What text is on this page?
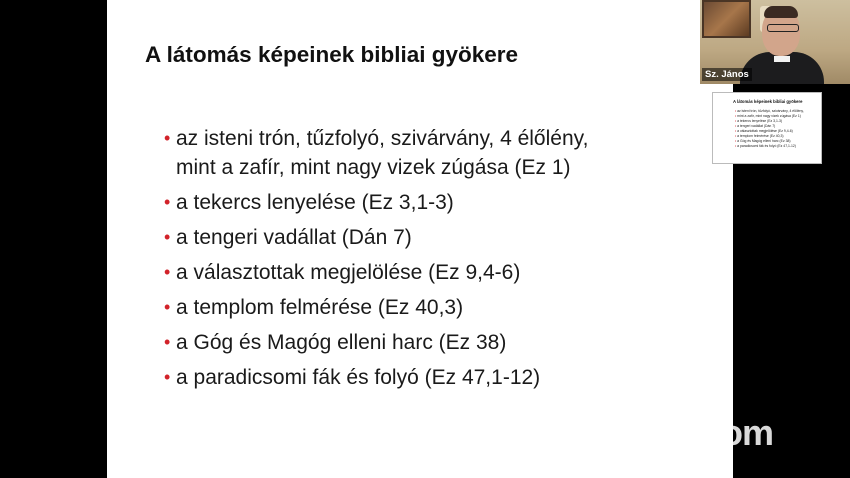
A látomás képeinek bibliai gyökere
• az isteni trón, tűzfolyó, szivárvány, 4 élőlény,
mint a zafír, mint nagy vizek zúgása (Ez 1)
• a tekercs lenyelése (Ez 3,1-3)
• a tengeri vadállat (Dán 7)
• a választottak megjelölése (Ez 9,4-6)
• a templom felmérése (Ez 40,3)
• a Góg és Magóg elleni harc (Ez 38)
• a paradicsomi fák és folyó (Ez 47,1-12)
Sz. János
A látomás képeinek bibliai gyökere
• az isteni trón, tűzfolyó, szivárvány, 4 élőlény,
• mint a zafír, mint nagy vizek zúgása (Ez 1)
• a tekercs lenyelése (Ez 3,1-3)
• a tengeri vadállat (Dán 7)
• a választottak megjelölése (Ez 9,4-6)
• a templom felmérése (Ez 40,3)
• a Góg és Magóg elleni harc (Ez 38)
• a paradicsomi fák és folyó (Ez 47,1-12)
zoom
